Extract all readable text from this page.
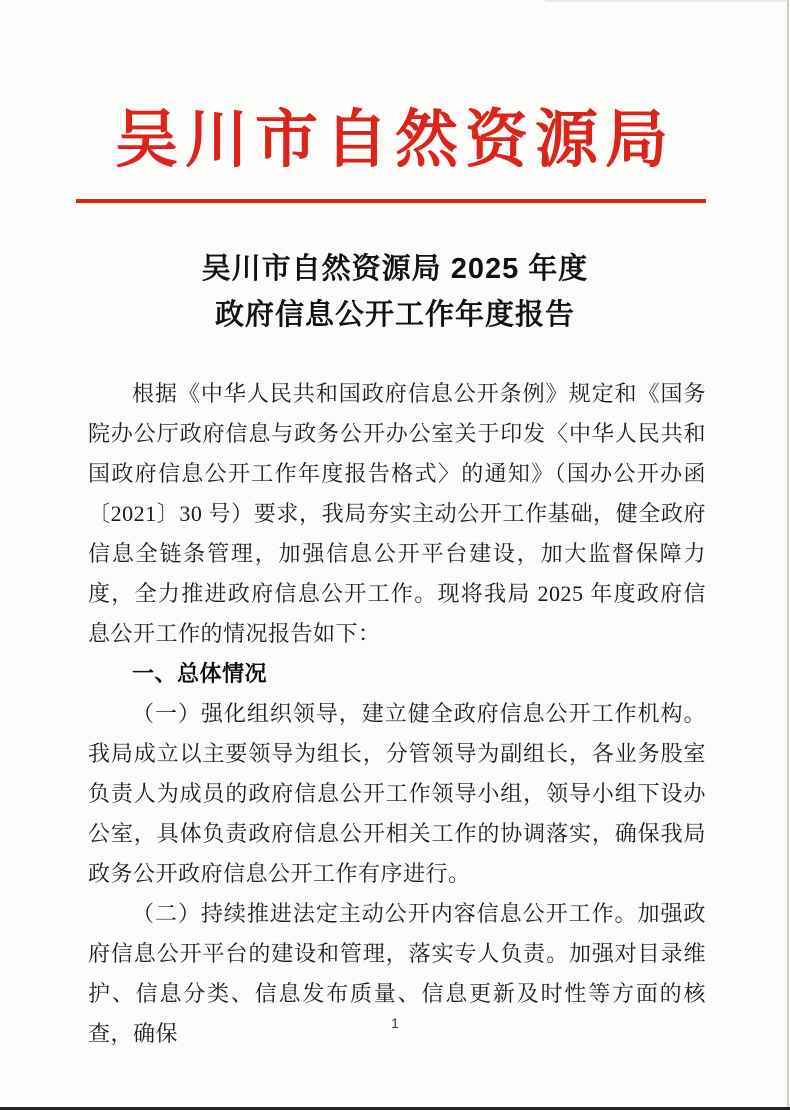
吴川市自然资源局
吴川市自然资源局 2025 年度
政府信息公开工作年度报告

根据《中华人民共和国政府信息公开条例》规定和《国务院办公厅政府信息与政务公开办公室关于印发〈中华人民共和国政府信息公开工作年度报告格式〉的通知》（国办公开办函〔2021〕30 号）要求，我局夯实主动公开工作基础，健全政府信息全链条管理，加强信息公开平台建设，加大监督保障力度，全力推进政府信息公开工作。现将我局 2025 年度政府信息公开工作的情况报告如下：

一、总体情况

（一）强化组织领导，建立健全政府信息公开工作机构。我局成立以主要领导为组长，分管领导为副组长，各业务股室负责人为成员的政府信息公开工作领导小组，领导小组下设办公室，具体负责政府信息公开相关工作的协调落实，确保我局政务公开政府信息公开工作有序进行。

（二）持续推进法定主动公开内容信息公开工作。加强政府信息公开平台的建设和管理，落实专人负责。加强对目录维护、信息分类、信息发布质量、信息更新及时性等方面的核查，确保	1
